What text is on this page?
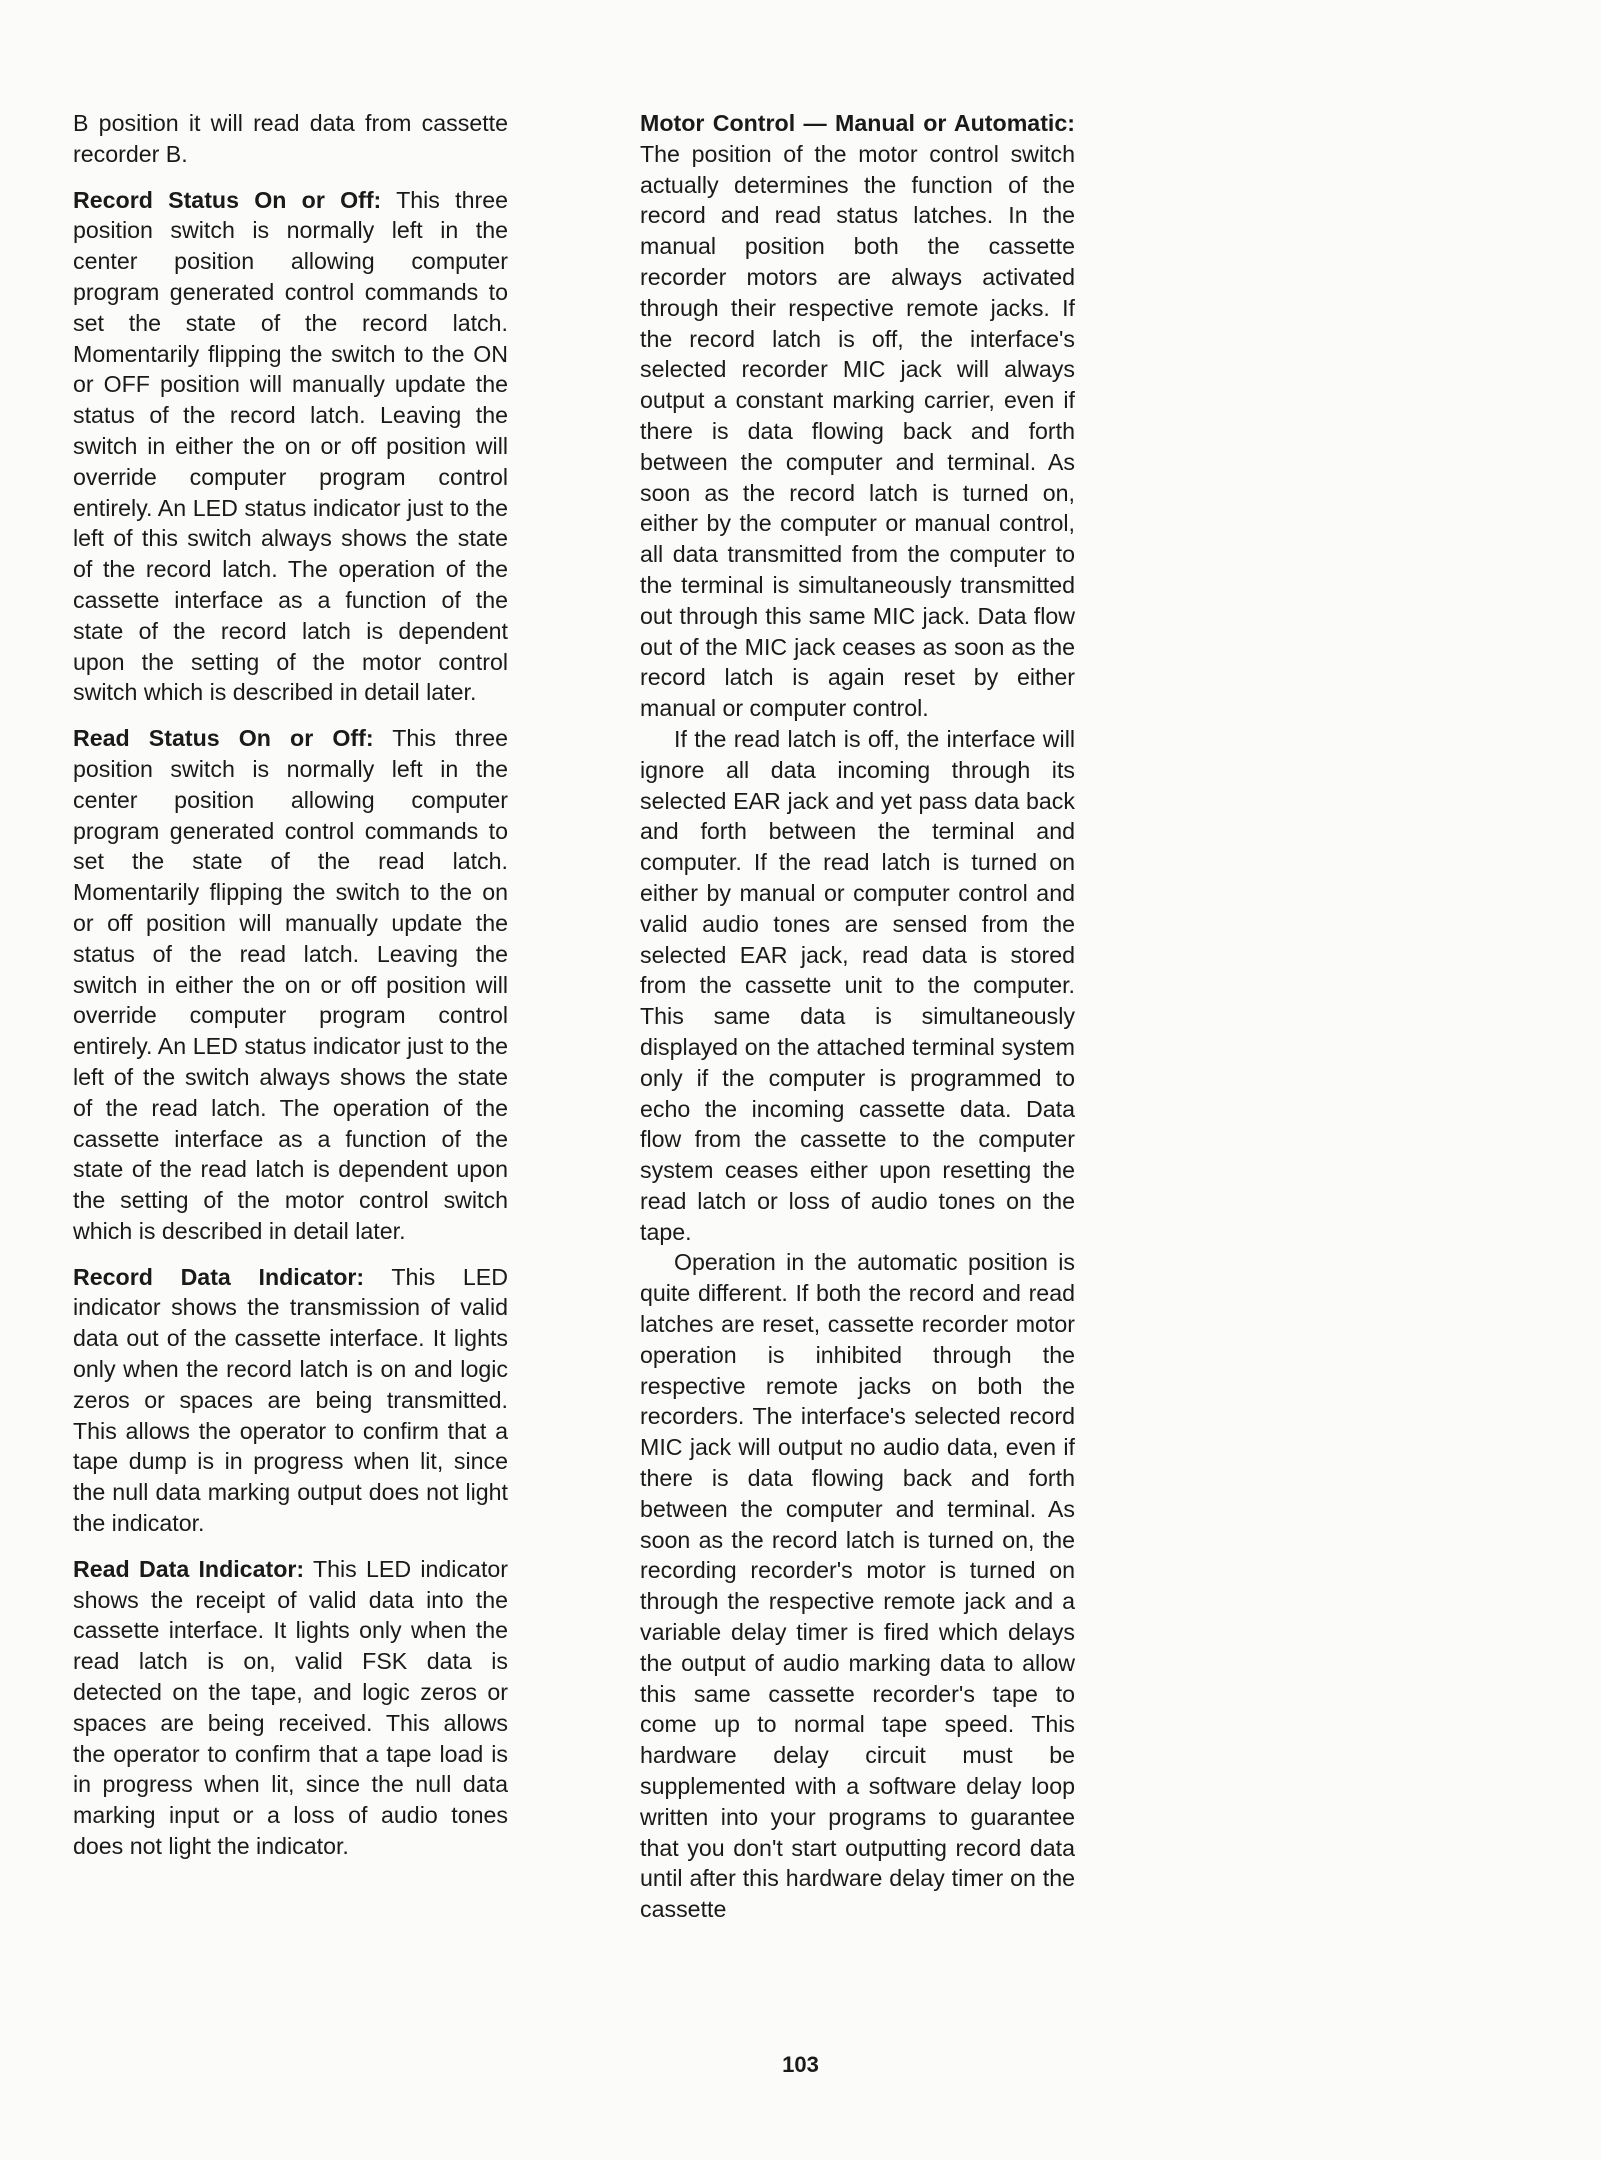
B position it will read data from cassette recorder B.

Record Status On or Off: This three position switch is normally left in the center position allowing computer program generated control commands to set the state of the record latch. Momentarily flipping the switch to the ON or OFF position will manually update the status of the record latch. Leaving the switch in either the on or off position will override computer program control entirely. An LED status indicator just to the left of this switch always shows the state of the record latch. The operation of the cassette interface as a function of the state of the record latch is dependent upon the setting of the motor control switch which is described in detail later.

Read Status On or Off: This three position switch is normally left in the center position allowing computer program generated control commands to set the state of the read latch. Momentarily flipping the switch to the on or off position will manually update the status of the read latch. Leaving the switch in either the on or off position will override computer program control entirely. An LED status indicator just to the left of the switch always shows the state of the read latch. The operation of the cassette interface as a function of the state of the read latch is dependent upon the setting of the motor control switch which is described in detail later.

Record Data Indicator: This LED indicator shows the transmission of valid data out of the cassette interface. It lights only when the record latch is on and logic zeros or spaces are being transmitted. This allows the operator to confirm that a tape dump is in progress when lit, since the null data marking output does not light the indicator.

Read Data Indicator: This LED indicator shows the receipt of valid data into the cassette interface. It lights only when the read latch is on, valid FSK data is detected on the tape, and logic zeros or spaces are being received. This allows the operator to confirm that a tape load is in progress when lit, since the null data marking input or a loss of audio tones does not light the indicator.

Motor Control — Manual or Automatic: The position of the motor control switch actually determines the function of the record and read status latches. In the manual position both the cassette recorder motors are always activated through their respective remote jacks. If the record latch is off, the interface's selected recorder MIC jack will always output a constant marking carrier, even if there is data flowing back and forth between the computer and terminal. As soon as the record latch is turned on, either by the computer or manual control, all data transmitted from the computer to the terminal is simultaneously transmitted out through this same MIC jack. Data flow out of the MIC jack ceases as soon as the record latch is again reset by either manual or computer control.

If the read latch is off, the interface will ignore all data incoming through its selected EAR jack and yet pass data back and forth between the terminal and computer. If the read latch is turned on either by manual or computer control and valid audio tones are sensed from the selected EAR jack, read data is stored from the cassette unit to the computer. This same data is simultaneously displayed on the attached terminal system only if the computer is programmed to echo the incoming cassette data. Data flow from the cassette to the computer system ceases either upon resetting the read latch or loss of audio tones on the tape.

Operation in the automatic position is quite different. If both the record and read latches are reset, cassette recorder motor operation is inhibited through the respective remote jacks on both the recorders. The interface's selected record MIC jack will output no audio data, even if there is data flowing back and forth between the computer and terminal. As soon as the record latch is turned on, the recording recorder's motor is turned on through the respective remote jack and a variable delay timer is fired which delays the output of audio marking data to allow this same cassette recorder's tape to come up to normal tape speed. This hardware delay circuit must be supplemented with a software delay loop written into your programs to guarantee that you don't start outputting record data until after this hardware delay timer on the cassette

103
